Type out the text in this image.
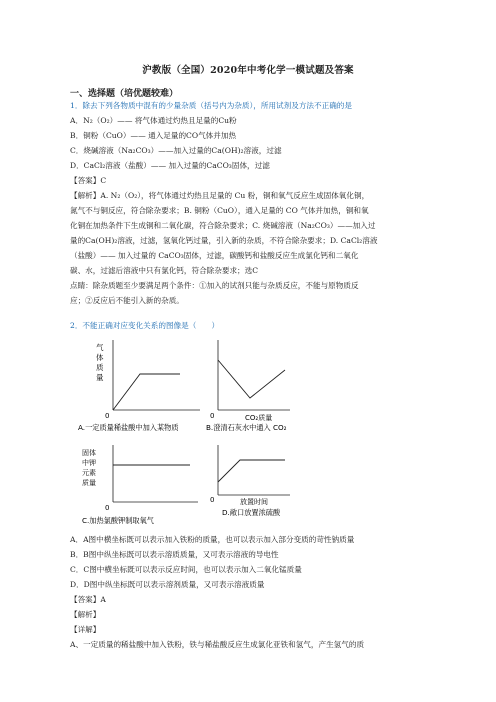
沪教版（全国）2020年中考化学一模试题及答案
一、选择题（培优题较难）
1．除去下列各物质中混有的少量杂质（括号内为杂质），所用试剂及方法不正确的是
A．N₂（O₂）—— 将气体通过灼热且足量的Cu粉
B．铜粉（CuO）—— 通入足量的CO气体并加热
C．烧碱溶液（Na₂CO₃）——加入过量的Ca(OH)₂溶液，过滤
D．CaCl₂溶液（盐酸）—— 加入过量的CaCO₃固体，过滤
【答案】C
【解析】A. N₂（O₂），将气体通过灼热且足量的 Cu 粉，铜和氧气反应生成固体氧化铜，
氮气不与铜反应，符合除杂要求；B. 铜粉（CuO），通入足量的 CO 气体并加热，铜和氧
化铜在加热条件下生成铜和二氧化碳，符合除杂要求；C. 烧碱溶液（Na₂CO₃）——加入过
量的Ca(OH)₂溶液，过滤，氢氧化钙过量，引入新的杂质，不符合除杂要求；D. CaCl₂溶液
（盐酸）—— 加入过量的 CaCO₃固体，过滤，碳酸钙和盐酸反应生成氯化钙和二氧化
碳、水，过滤后溶液中只有氯化钙，符合除杂要求；选C
点睛：除杂质题至少要满足两个条件：①加入的试剂只能与杂质反应，不能与原物质反
应；②反应后不能引入新的杂质。
2．不能正确对应变化关系的图像是（　　）
气
体
质
量
0
A.一定质量稀盐酸中加入某物质
0	CO₂质量
B.澄清石灰水中通入 CO₂
固体
中钾
元素
质量
0
C.加热氯酸钾制取氧气
0	放置时间
D.敞口放置浓硫酸
A．A图中横坐标既可以表示加入铁粉的质量，也可以表示加入部分变质的苛性钠质量
B．B图中纵坐标既可以表示溶质质量，又可表示溶液的导电性
C．C图中横坐标既可以表示反应时间，也可以表示加入二氧化锰质量
D．D图中纵坐标既可以表示溶剂质量，又可表示溶液质量
【答案】A
【解析】
【详解】
A、一定质量的稀盐酸中加入铁粉，铁与稀盐酸反应生成氯化亚铁和氢气，产生氢气的质
